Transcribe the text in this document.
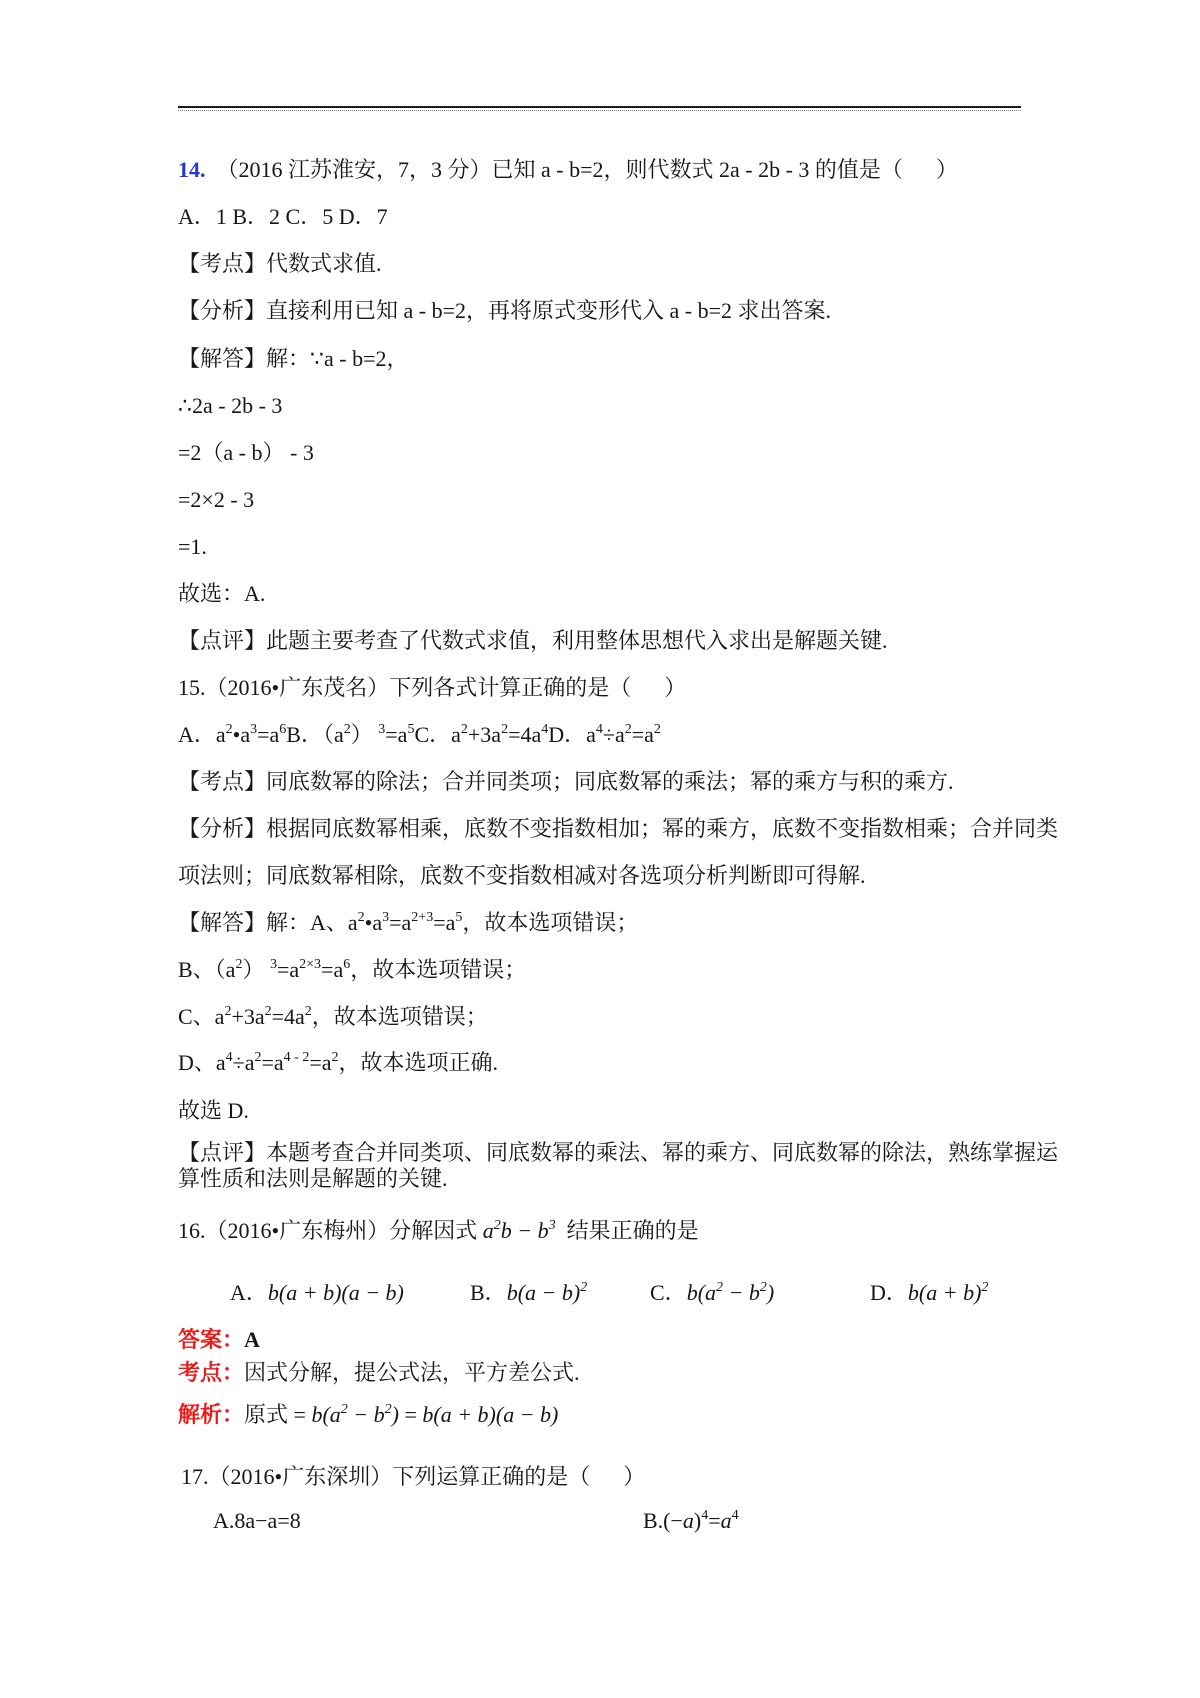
14.  （2016 江苏淮安，7，3 分）已知 a - b=2，则代数式 2a - 2b - 3 的值是（      ）
A．1 B．2 C．5 D．7
【考点】代数式求值.
【分析】直接利用已知 a - b=2，再将原式变形代入 a - b=2 求出答案.
【解答】解：∵a - b=2，
∴2a - 2b - 3
=2（a - b） - 3
=2×2 - 3
=1.
故选：A.
【点评】此题主要考查了代数式求值，利用整体思想代入求出是解题关键.
15.（2016•广东茂名）下列各式计算正确的是（      ）
A．$a^2•a^3=a^6B$．$(a^2)$ $^3=a^5C$．$a^2+3a^2=4a^4D$．$a^4\div a^2=a^2$
【考点】同底数幂的除法；合并同类项；同底数幂的乘法；幂的乘方与积的乘方.
【分析】根据同底数幂相乘，底数不变指数相加；幂的乘方，底数不变指数相乘；合并同类
项法则；同底数幂相除，底数不变指数相减对各选项分析判断即可得解.
【解答】解：A、$a^2•a^3=a^{2+3}=a^5$，故本选项错误；
B、$(a^2)$ $^3=a^{2\times 3}=a^6$，故本选项错误；
C、$a^2+3a^2=4a^2$，故本选项错误；
D、$a^4\div a^2=a^{4 - 2}=a^2$，故本选项正确.
故选 D.
【点评】本题考查合并同类项、同底数幂的乘法、幂的乘方、同底数幂的除法，熟练掌握运
算性质和法则是解题的关键.
16.（2016•广东梅州）分解因式 $a^2b - b^3$  结果正确的是
A．b(a + b)(a − b)	B．$b(a - b)^2$	C．$b(a^2 - b^2)$	D．$b(a + b)^2$
答案：A
考点：因式分解，提公式法，平方差公式.
解析：原式 = $b(a^2 - b^2) = b(a + b)(a - b)$
17.（2016•广东深圳）下列运算正确的是（      ）
A.8a−a=8	$B.(-a)^4=a^4$
